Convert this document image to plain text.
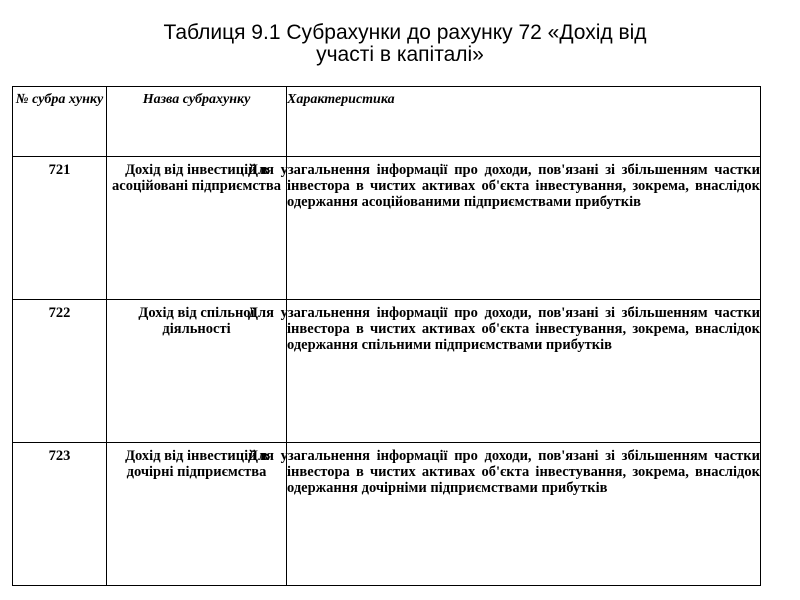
Таблиця 9.1 Субрахунки до рахунку 72 «Дохід від
участі в капіталі»
№ субра хунку	Назва субрахунку	Характеристика
721	Дохід від інвестицій в асоційовані підприємства	Для узагальнення інформації про доходи, пов'язані зі збільшенням частки інвестора в чистих активах об'єкта інвестування, зокрема, внаслідок одержання асоційованими підприємствами прибутків
722	Дохід від спільної діяльності	Для узагальнення інформації про доходи, пов'язані зі збільшенням частки інвестора в чистих активах об'єкта інвестування, зокрема, внаслідок одержання спільними підприємствами прибутків
723	Дохід від інвестицій в дочірні підприємства	Для узагальнення інформації про доходи, пов'язані зі збільшенням частки інвестора в чистих активах об'єкта інвестування, зокрема, внаслідок одержання дочірніми підприємствами прибутків
